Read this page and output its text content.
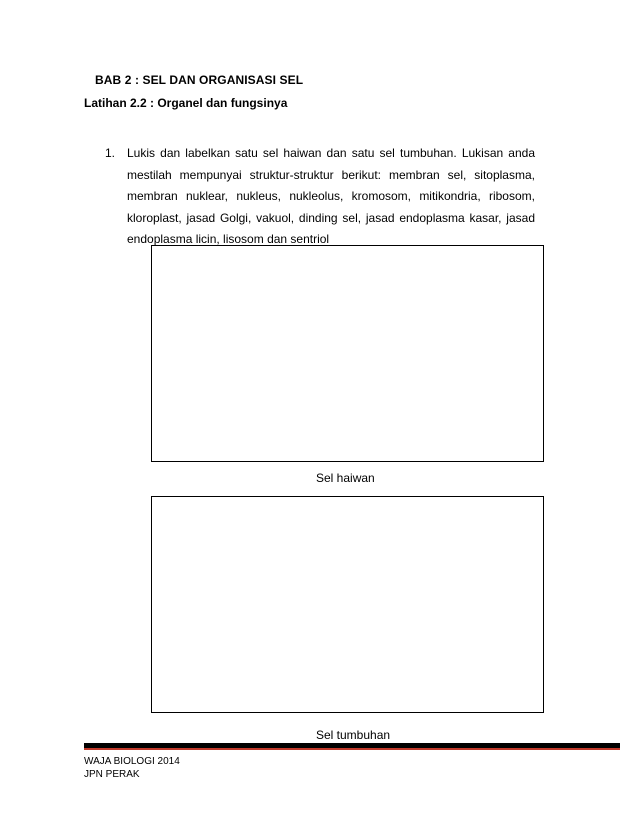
BAB 2 : SEL DAN ORGANISASI SEL
Latihan 2.2 : Organel dan fungsinya
1. Lukis dan labelkan satu sel haiwan dan satu sel tumbuhan. Lukisan anda mestilah mempunyai struktur-struktur berikut: membran sel, sitoplasma, membran nuklear, nukleus, nukleolus, kromosom, mitikondria, ribosom, kloroplast, jasad Golgi, vakuol, dinding sel, jasad endoplasma kasar, jasad endoplasma licin, lisosom dan sentriol
Sel haiwan
Sel tumbuhan
WAJA BIOLOGI 2014
JPN PERAK
